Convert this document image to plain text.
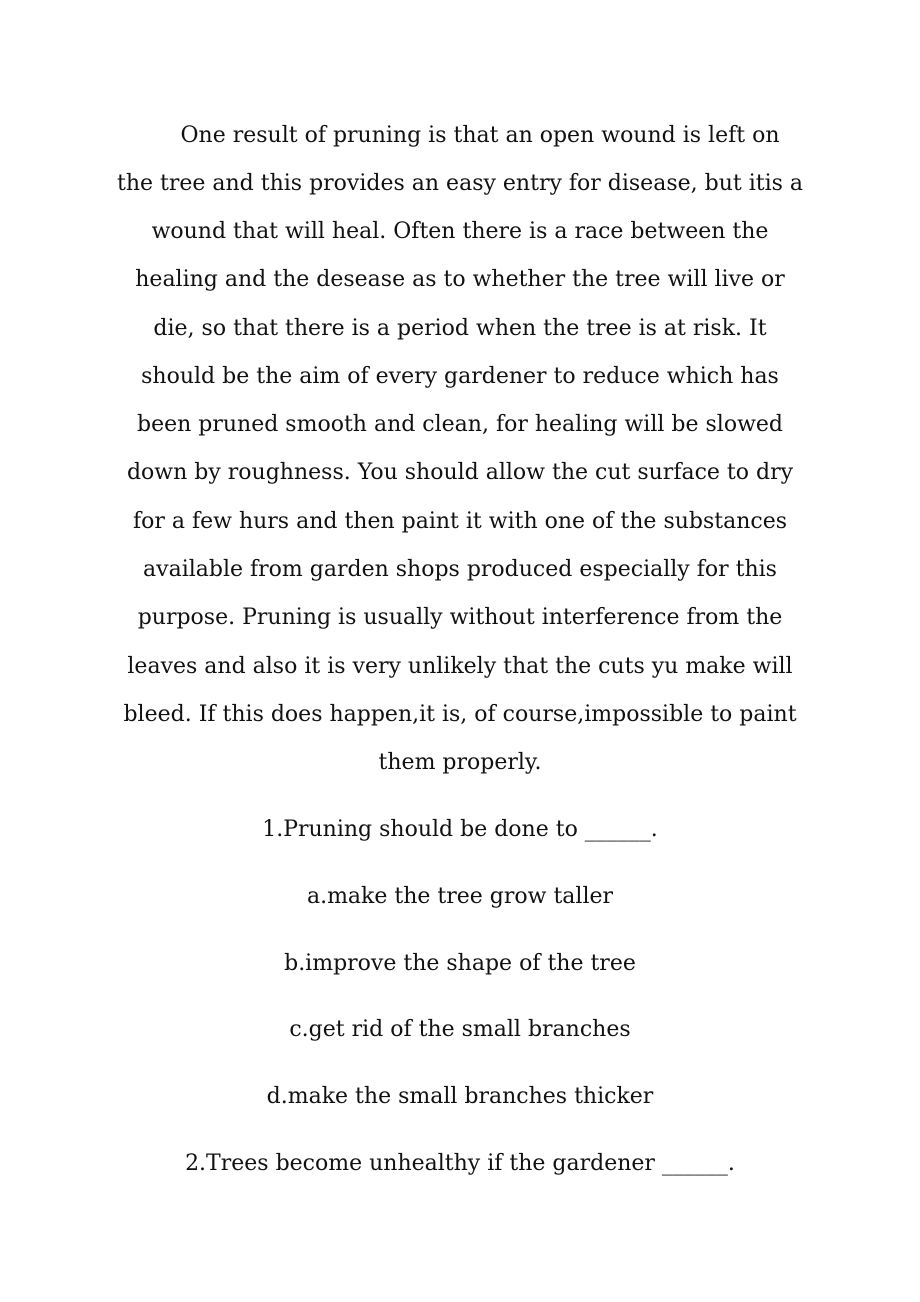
One result of pruning is that an open wound is left on
the tree and this provides an easy entry for disease, but itis a
wound that will heal. Often there is a race between the
healing and the desease as to whether the tree will live or
die, so that there is a period when the tree is at risk. It
should be the aim of every gardener to reduce which has
been pruned smooth and clean, for healing will be slowed
down by roughness. You should allow the cut surface to dry
for a few hurs and then paint it with one of the substances
available from garden shops produced especially for this
purpose. Pruning is usually without interference from the
leaves and also it is very unlikely that the cuts yu make will
bleed. If this does happen,it is, of course,impossible to paint
them properly.
1.Pruning should be done to ______.
a.make the tree grow taller
b.improve the shape of the tree
c.get rid of the small branches
d.make the small branches thicker
2.Trees become unhealthy if the gardener ______.
